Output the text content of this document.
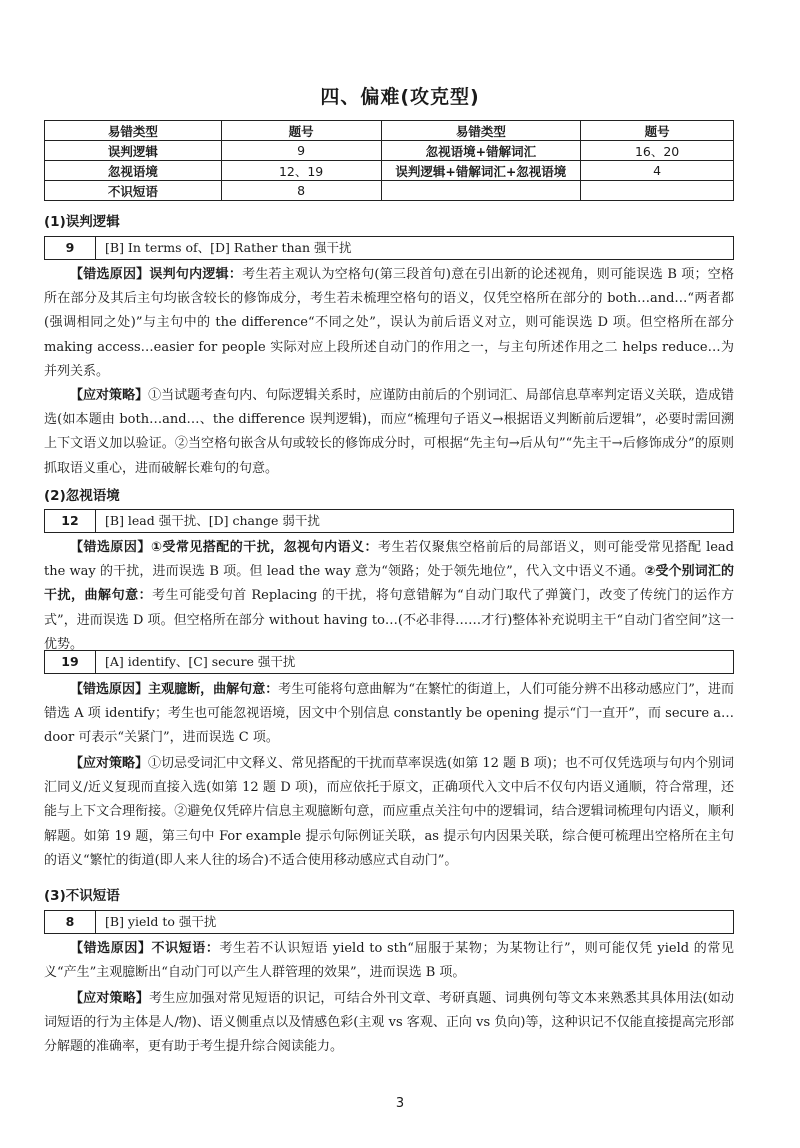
四、偏难(攻克型)
易错类型	题号	易错类型	题号
误判逻辑	9	忽视语境+错解词汇	16、20
忽视语境	12、19	误判逻辑+错解词汇+忽视语境	4
不识短语	8		
(1)误判逻辑
9	[B] In terms of、[D] Rather than 强干扰
【错选原因】误判句内逻辑：考生若主观认为空格句(第三段首句)意在引出新的论述视角，则可能误选 B 项；空格所在部分及其后主句均嵌含较长的修饰成分，考生若未梳理空格句的语义，仅凭空格所在部分的 both…and…“两者都(强调相同之处)”与主句中的 the difference“不同之处”，误认为前后语义对立，则可能误选 D 项。但空格所在部分 making access…easier for people 实际对应上段所述自动门的作用之一，与主句所述作用之二 helps reduce…为并列关系。
【应对策略】①当试题考查句内、句际逻辑关系时，应谨防由前后的个别词汇、局部信息草率判定语义关联，造成错选(如本题由 both…and…、the difference 误判逻辑)，而应“梳理句子语义→根据语义判断前后逻辑”，必要时需回溯上下文语义加以验证。②当空格句嵌含从句或较长的修饰成分时，可根据“先主句→后从句”“先主干→后修饰成分”的原则抓取语义重心，进而破解长难句的句意。
(2)忽视语境
12	[B] lead 强干扰、[D] change 弱干扰
【错选原因】①受常见搭配的干扰，忽视句内语义：考生若仅聚焦空格前后的局部语义，则可能受常见搭配 lead the way 的干扰，进而误选 B 项。但 lead the way 意为“领路；处于领先地位”，代入文中语义不通。②受个别词汇的干扰，曲解句意：考生可能受句首 Replacing 的干扰，将句意错解为“自动门取代了弹簧门，改变了传统门的运作方式”，进而误选 D 项。但空格所在部分 without having to…(不必非得……才行)整体补充说明主干“自动门省空间”这一优势。
19	[A] identify、[C] secure 强干扰
【错选原因】主观臆断，曲解句意：考生可能将句意曲解为“在繁忙的街道上，人们可能分辨不出移动感应门”，进而错选 A 项 identify；考生也可能忽视语境，因文中个别信息 constantly be opening 提示“门一直开”，而 secure a…door 可表示“关紧门”，进而误选 C 项。
【应对策略】①切忌受词汇中文释义、常见搭配的干扰而草率误选(如第 12 题 B 项)；也不可仅凭选项与句内个别词汇同义/近义复现而直接入选(如第 12 题 D 项)，而应依托于原文，正确项代入文中后不仅句内语义通顺，符合常理，还能与上下文合理衔接。②避免仅凭碎片信息主观臆断句意，而应重点关注句中的逻辑词，结合逻辑词梳理句内语义，顺利解题。如第 19 题，第三句中 For example 提示句际例证关联，as 提示句内因果关联，综合便可梳理出空格所在主句的语义“繁忙的街道(即人来人往的场合)不适合使用移动感应式自动门”。
(3)不识短语
8	[B] yield to 强干扰
【错选原因】不识短语：考生若不认识短语 yield to sth“屈服于某物；为某物让行”，则可能仅凭 yield 的常见义“产生”主观臆断出“自动门可以产生人群管理的效果”，进而误选 B 项。
【应对策略】考生应加强对常见短语的识记，可结合外刊文章、考研真题、词典例句等文本来熟悉其具体用法(如动词短语的行为主体是人/物)、语义侧重点以及情感色彩(主观 vs 客观、正向 vs 负向)等，这种识记不仅能直接提高完形部分解题的准确率，更有助于考生提升综合阅读能力。
3
